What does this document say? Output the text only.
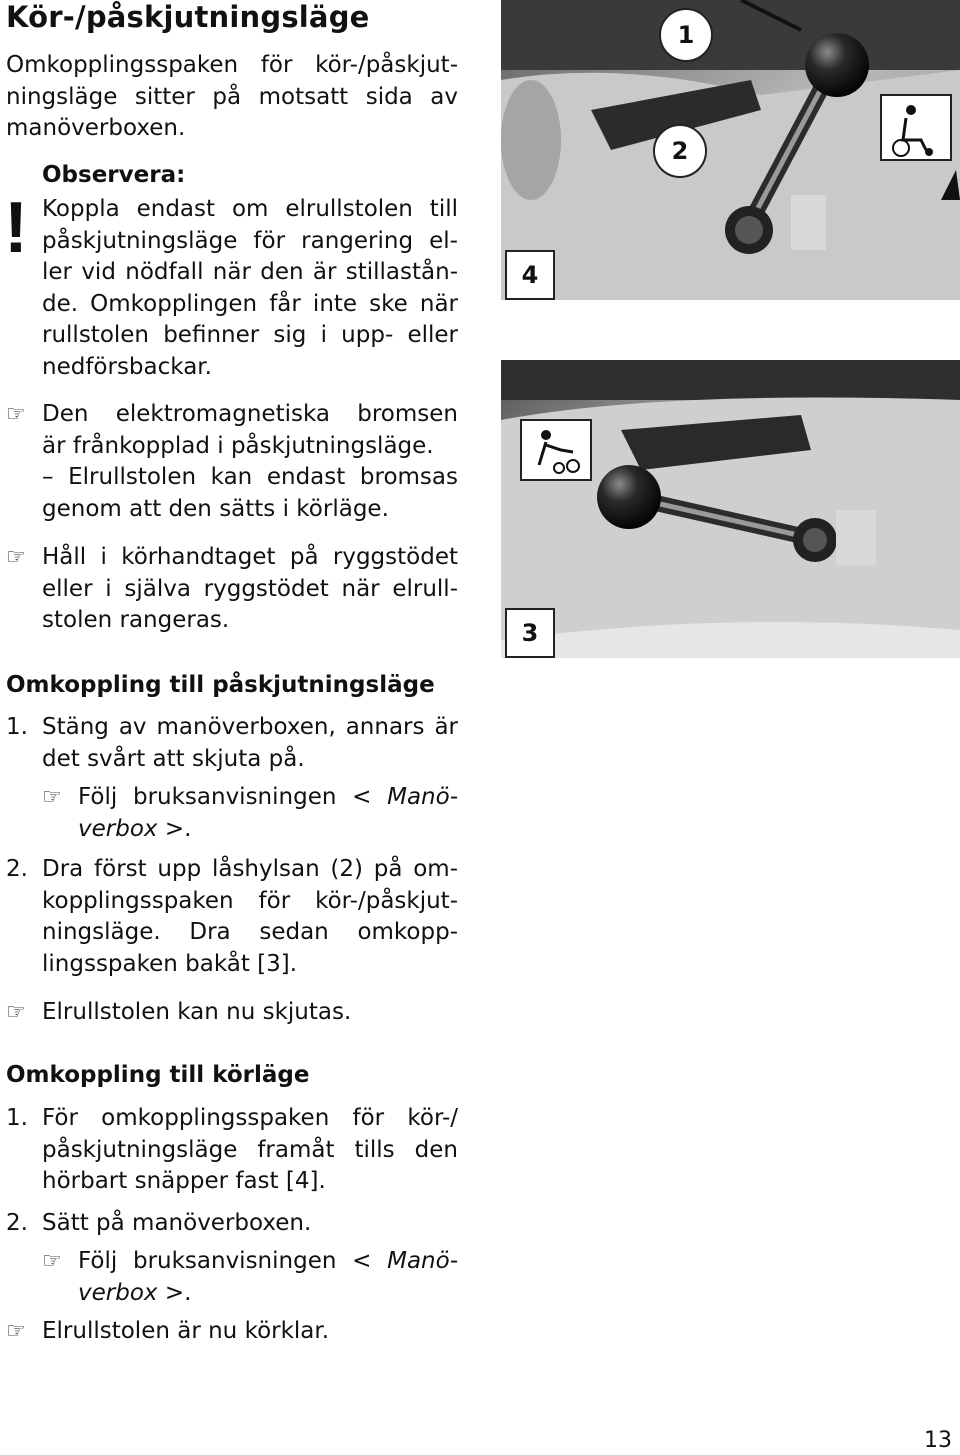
Kör-/påskjutningsläge
Omkopplingsspaken för kör-/påskjut-
ningsläge sitter på motsatt sida av
manöverboxen.
!
Observera:
Koppla endast om elrullstolen till
påskjutningsläge för rangering el-
ler vid nödfall när den är stillastån-
de. Omkopplingen får inte ske när
rullstolen befinner sig i upp- eller
nedförsbackar.
☞ Den elektromagnetiska bromsen
är frånkopplad i påskjutningsläge.
– Elrullstolen kan endast bromsas
genom att den sätts i körläge.
☞ Håll i körhandtaget på ryggstödet
eller i själva ryggstödet när elrull-
stolen rangeras.
Omkoppling till påskjutningsläge
1. Stäng av manöverboxen, annars är
det svårt att skjuta på.
☞ Följ bruksanvisningen < Manö-
verbox >.
2. Dra först upp låshylsan (2) på om-
kopplingsspaken för kör-/påskjut-
ningsläge. Dra sedan omkopp-
lingsspaken bakåt [3].
☞ Elrullstolen kan nu skjutas.
Omkoppling till körläge
1. För omkopplingsspaken för kör-/
påskjutningsläge framåt tills den
hörbart snäpper fast [4].
2. Sätt på manöverboxen.
☞ Följ bruksanvisningen < Manö-
verbox >.
☞ Elrullstolen är nu körklar.
1
2
4
3
13
